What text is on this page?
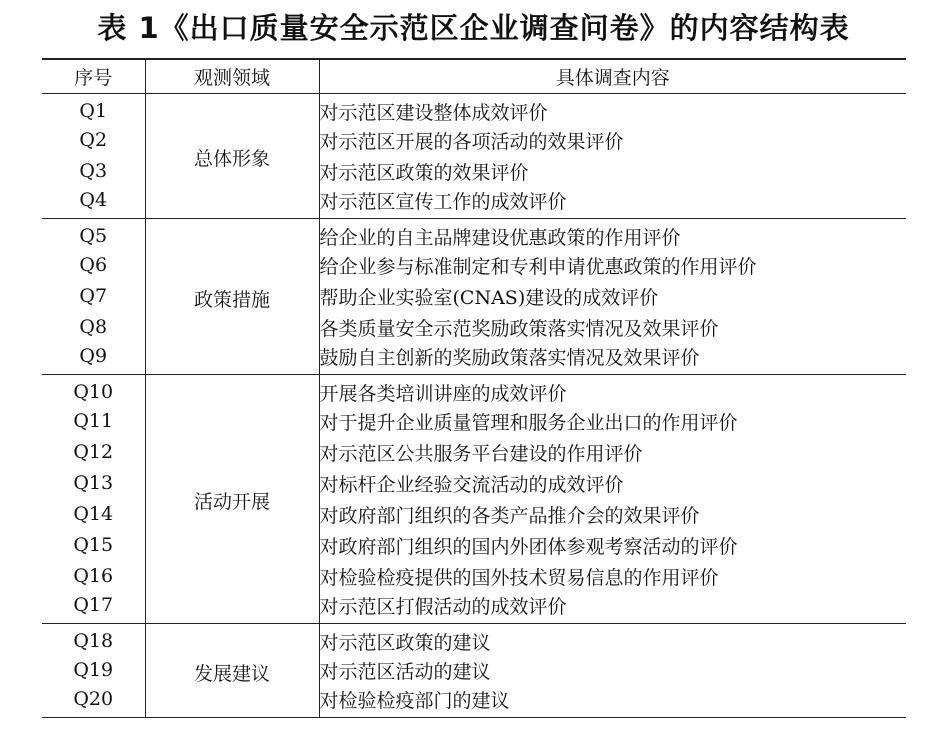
表 1《出口质量安全示范区企业调查问卷》的内容结构表
序号	观测领域	具体调查内容
Q1	总体形象	对示范区建设整体成效评价
Q2		对示范区开展的各项活动的效果评价
Q3		对示范区政策的效果评价
Q4		对示范区宣传工作的成效评价
Q5	政策措施	给企业的自主品牌建设优惠政策的作用评价
Q6		给企业参与标准制定和专利申请优惠政策的作用评价
Q7		帮助企业实验室(CNAS)建设的成效评价
Q8		各类质量安全示范奖励政策落实情况及效果评价
Q9		鼓励自主创新的奖励政策落实情况及效果评价
Q10	活动开展	开展各类培训讲座的成效评价
Q11		对于提升企业质量管理和服务企业出口的作用评价
Q12		对示范区公共服务平台建设的作用评价
Q13		对标杆企业经验交流活动的成效评价
Q14		对政府部门组织的各类产品推介会的效果评价
Q15		对政府部门组织的国内外团体参观考察活动的评价
Q16		对检验检疫提供的国外技术贸易信息的作用评价
Q17		对示范区打假活动的成效评价
Q18	发展建议	对示范区政策的建议
Q19		对示范区活动的建议
Q20		对检验检疫部门的建议
